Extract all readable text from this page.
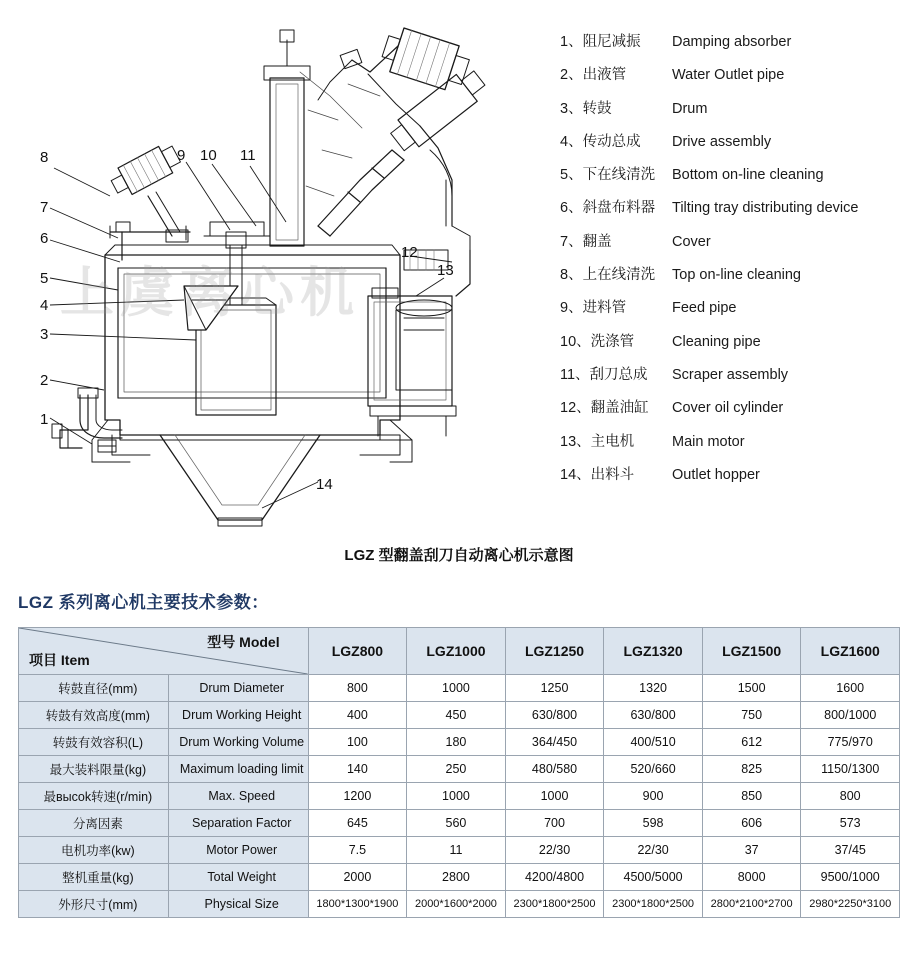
8
7
6
5
4
3
2
1
9 10 11
12
13
14
上虞离心机
1、阻尼减振	Damping absorber
2、出液管	Water Outlet pipe
3、转鼓	Drum
4、传动总成	Drive assembly
5、下在线清洗	Bottom on-line cleaning
6、斜盘布料器	Tilting tray distributing device
7、翻盖	Cover
8、上在线清洗	Top on-line cleaning
9、进料管	Feed pipe
10、洗涤管	Cleaning pipe
11、刮刀总成	Scraper assembly
12、翻盖油缸	Cover oil cylinder
13、主电机	Main motor
14、出料斗	Outlet hopper
LGZ 型翻盖刮刀自动离心机示意图
LGZ 系列离心机主要技术参数：
项目 Item
型号 Model		LGZ800	LGZ1000	LGZ1250	LGZ1320	LGZ1500	LGZ1600
转鼓直径(mm)	Drum Diameter	800	1000	1250	1320	1500	1600
转鼓有效高度(mm)	Drum Working Height	400	450	630/800	630/800	750	800/1000
转鼓有效容积(L)	Drum Working Volume	100	180	364/450	400/510	612	775/970
最大装料限量(kg)	Maximum loading limit	140	250	480/580	520/660	825	1150/1300
最высok转速(r/min)	Max. Speed	1200	1000	1000	900	850	800
分离因素	Separation Factor	645	560	700	598	606	573
电机功率(kw)	Motor Power	7.5	11	22/30	22/30	37	37/45
整机重量(kg)	Total Weight	2000	2800	4200/4800	4500/5000	8000	9500/1000
外形尺寸(mm)	Physical Size	1800*1300*1900	2000*1600*2000	2300*1800*2500	2300*1800*2500	2800*2100*2700	2980*2250*3100
